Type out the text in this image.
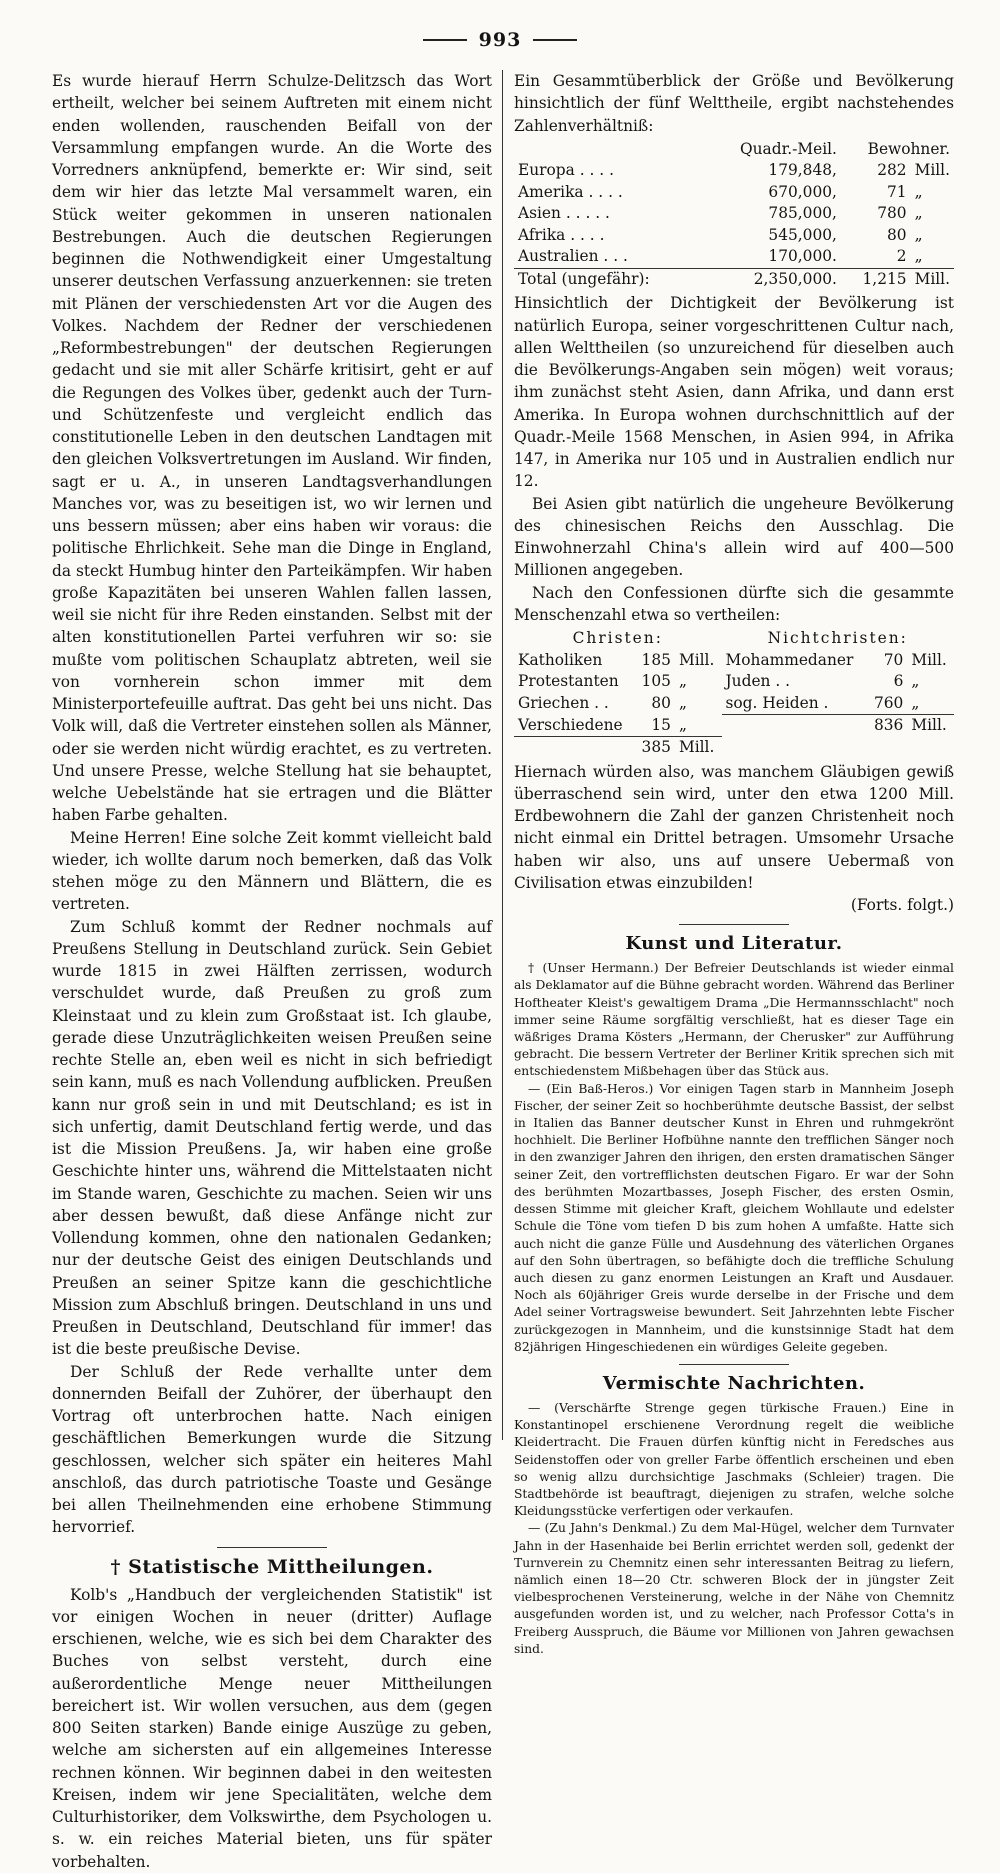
993

Es wurde hierauf Herrn Schulze-Delitzsch das Wort ertheilt, welcher bei seinem Auftreten mit einem nicht enden wollenden, rauschenden Beifall von der Versammlung empfangen wurde. An die Worte des Vorredners anknüpfend, bemerkte er: Wir sind, seit dem wir hier das letzte Mal versammelt waren, ein Stück weiter gekommen in unseren nationalen Bestrebungen. Auch die deutschen Regierungen beginnen die Nothwendigkeit einer Umgestaltung unserer deutschen Verfassung anzuerkennen: sie treten mit Plänen der verschiedensten Art vor die Augen des Volkes. Nachdem der Redner der verschiedenen „Reformbestrebungen" der deutschen Regierungen gedacht und sie mit aller Schärfe kritisirt, geht er auf die Regungen des Volkes über, gedenkt auch der Turn- und Schützenfeste und vergleicht endlich das constitutionelle Leben in den deutschen Landtagen mit den gleichen Volksvertretungen im Ausland. Wir finden, sagt er u. A., in unseren Landtagsverhandlungen Manches vor, was zu beseitigen ist, wo wir lernen und uns bessern müssen; aber eins haben wir voraus: die politische Ehrlichkeit. Sehe man die Dinge in England, da steckt Humbug hinter den Parteikämpfen. Wir haben große Kapazitäten bei unseren Wahlen fallen lassen, weil sie nicht für ihre Reden einstanden. Selbst mit der alten konstitutionellen Partei verfuhren wir so: sie mußte vom politischen Schauplatz abtreten, weil sie von vornherein schon immer mit dem Ministerportefeuille auftrat. Das geht bei uns nicht. Das Volk will, daß die Vertreter einstehen sollen als Männer, oder sie werden nicht würdig erachtet, es zu vertreten. Und unsere Presse, welche Stellung hat sie behauptet, welche Uebelstände hat sie ertragen und die Blätter haben Farbe gehalten.

Meine Herren! Eine solche Zeit kommt vielleicht bald wieder, ich wollte darum noch bemerken, daß das Volk stehen möge zu den Männern und Blättern, die es vertreten.

Zum Schluß kommt der Redner nochmals auf Preußens Stellung in Deutschland zurück. Sein Gebiet wurde 1815 in zwei Hälften zerrissen, wodurch verschuldet wurde, daß Preußen zu groß zum Kleinstaat und zu klein zum Großstaat ist. Ich glaube, gerade diese Unzuträglichkeiten weisen Preußen seine rechte Stelle an, eben weil es nicht in sich befriedigt sein kann, muß es nach Vollendung aufblicken. Preußen kann nur groß sein in und mit Deutschland; es ist in sich unfertig, damit Deutschland fertig werde, und das ist die Mission Preußens. Ja, wir haben eine große Geschichte hinter uns, während die Mittelstaaten nicht im Stande waren, Geschichte zu machen. Seien wir uns aber dessen bewußt, daß diese Anfänge nicht zur Vollendung kommen, ohne den nationalen Gedanken; nur der deutsche Geist des einigen Deutschlands und Preußen an seiner Spitze kann die geschichtliche Mission zum Abschluß bringen. Deutschland in uns und Preußen in Deutschland, Deutschland für immer! das ist die beste preußische Devise.

Der Schluß der Rede verhallte unter dem donnernden Beifall der Zuhörer, der überhaupt den Vortrag oft unterbrochen hatte. Nach einigen geschäftlichen Bemerkungen wurde die Sitzung geschlossen, welcher sich später ein heiteres Mahl anschloß, das durch patriotische Toaste und Gesänge bei allen Theilnehmenden eine erhobene Stimmung hervorrief.

† Statistische Mittheilungen.

Kolb's „Handbuch der vergleichenden Statistik" ist vor einigen Wochen in neuer (dritter) Auflage erschienen, welche, wie es sich bei dem Charakter des Buches von selbst versteht, durch eine außerordentliche Menge neuer Mittheilungen bereichert ist. Wir wollen versuchen, aus dem (gegen 800 Seiten starken) Bande einige Auszüge zu geben, welche am sichersten auf ein allgemeines Interesse rechnen können. Wir beginnen dabei in den weitesten Kreisen, indem wir jene Specialitäten, welche dem Culturhistoriker, dem Volkswirthe, dem Psychologen u. s. w. ein reiches Material bieten, uns für später vorbehalten.

Ein Gesammtüberblick der Größe und Bevölkerung hinsichtlich der fünf Welttheile, ergibt nachstehendes Zahlenverhältniß:

	Quadr.-Meil.	Bewohner.	
Europa . . . .	179,848,	282	Mill.
Amerika . . . .	670,000,	71	„
Asien . . . . .	785,000,	780	„
Afrika . . . .	545,000,	80	„
Australien . . .	170,000.	2	„
Total (ungefähr):	2,350,000.	1,215	Mill.

Hinsichtlich der Dichtigkeit der Bevölkerung ist natürlich Europa, seiner vorgeschrittenen Cultur nach, allen Welttheilen (so unzureichend für dieselben auch die Bevölkerungs-Angaben sein mögen) weit voraus; ihm zunächst steht Asien, dann Afrika, und dann erst Amerika. In Europa wohnen durchschnittlich auf der Quadr.-Meile 1568 Menschen, in Asien 994, in Afrika 147, in Amerika nur 105 und in Australien endlich nur 12.

Bei Asien gibt natürlich die ungeheure Bevölkerung des chinesischen Reichs den Ausschlag. Die Einwohnerzahl China's allein wird auf 400—500 Millionen angegeben.

Nach den Confessionen dürfte sich die gesammte Menschenzahl etwa so vertheilen:

Christen:			Nichtchristen:		
Katholiken	185	Mill.	Mohammedaner	70	Mill.
Protestanten	105	„	Juden . .	6	„
Griechen . .	80	„	sog. Heiden .	760	„
Verschiedene	15	„		836	Mill.
	385	Mill.			

Hiernach würden also, was manchem Gläubigen gewiß überraschend sein wird, unter den etwa 1200 Mill. Erdbewohnern die Zahl der ganzen Christenheit noch nicht einmal ein Drittel betragen. Umsomehr Ursache haben wir also, uns auf unsere Uebermaß von Civilisation etwas einzubilden!

(Forts. folgt.)

Kunst und Literatur.

† (Unser Hermann.) Der Befreier Deutschlands ist wieder einmal als Deklamator auf die Bühne gebracht worden. Während das Berliner Hoftheater Kleist's gewaltigem Drama „Die Hermannsschlacht" noch immer seine Räume sorgfältig verschließt, hat es dieser Tage ein wäßriges Drama Kösters „Hermann, der Cherusker" zur Aufführung gebracht. Die bessern Vertreter der Berliner Kritik sprechen sich mit entschiedenstem Mißbehagen über das Stück aus.

— (Ein Baß-Heros.) Vor einigen Tagen starb in Mannheim Joseph Fischer, der seiner Zeit so hochberühmte deutsche Bassist, der selbst in Italien das Banner deutscher Kunst in Ehren und ruhmgekrönt hochhielt. Die Berliner Hofbühne nannte den trefflichen Sänger noch in den zwanziger Jahren den ihrigen, den ersten dramatischen Sänger seiner Zeit, den vortrefflichsten deutschen Figaro. Er war der Sohn des berühmten Mozartbasses, Joseph Fischer, des ersten Osmin, dessen Stimme mit gleicher Kraft, gleichem Wohllaute und edelster Schule die Töne vom tiefen D bis zum hohen A umfaßte. Hatte sich auch nicht die ganze Fülle und Ausdehnung des väterlichen Organes auf den Sohn übertragen, so befähigte doch die treffliche Schulung auch diesen zu ganz enormen Leistungen an Kraft und Ausdauer. Noch als 60jähriger Greis wurde derselbe in der Frische und dem Adel seiner Vortragsweise bewundert. Seit Jahrzehnten lebte Fischer zurückgezogen in Mannheim, und die kunstsinnige Stadt hat dem 82jährigen Hingeschiedenen ein würdiges Geleite gegeben.

Vermischte Nachrichten.

— (Verschärfte Strenge gegen türkische Frauen.) Eine in Konstantinopel erschienene Verordnung regelt die weibliche Kleidertracht. Die Frauen dürfen künftig nicht in Feredsches aus Seidenstoffen oder von greller Farbe öffentlich erscheinen und eben so wenig allzu durchsichtige Jaschmaks (Schleier) tragen. Die Stadtbehörde ist beauftragt, diejenigen zu strafen, welche solche Kleidungsstücke verfertigen oder verkaufen.

— (Zu Jahn's Denkmal.) Zu dem Mal-Hügel, welcher dem Turnvater Jahn in der Hasenhaide bei Berlin errichtet werden soll, gedenkt der Turnverein zu Chemnitz einen sehr interessanten Beitrag zu liefern, nämlich einen 18—20 Ctr. schweren Block der in jüngster Zeit vielbesprochenen Versteinerung, welche in der Nähe von Chemnitz ausgefunden worden ist, und zu welcher, nach Professor Cotta's in Freiberg Ausspruch, die Bäume vor Millionen von Jahren gewachsen sind.
